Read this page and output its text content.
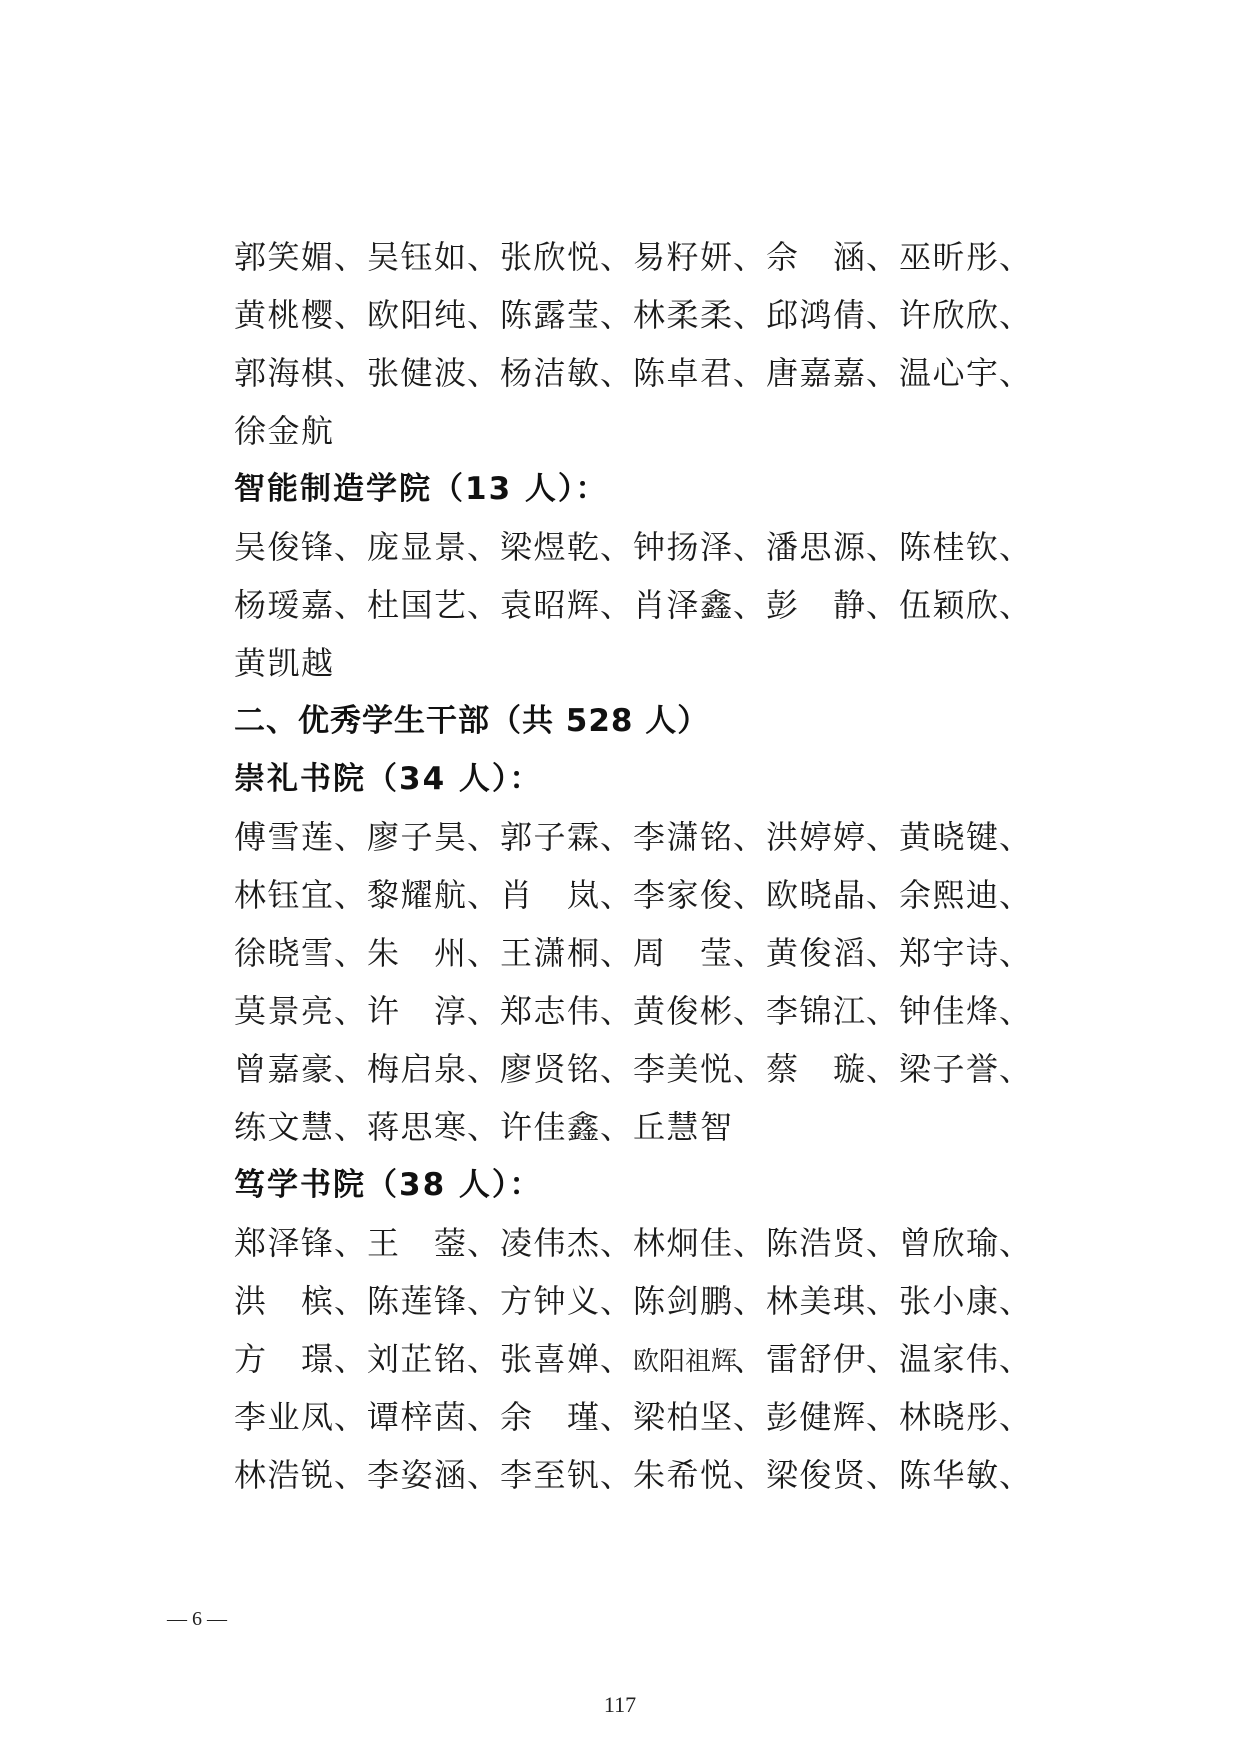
郭笑媚、吴钰如、张欣悦、易籽妍、佘　涵、巫昕彤、
黄桃樱、欧阳纯、陈露莹、林柔柔、邱鸿倩、许欣欣、
郭海棋、张健波、杨洁敏、陈卓君、唐嘉嘉、温心宇、
徐金航
智能制造学院（13 人）：
吴俊锋、庞显景、梁煜乾、钟扬泽、潘思源、陈桂钦、
杨瑷嘉、杜国艺、袁昭辉、肖泽鑫、彭　静、伍颖欣、
黄凯越
二、优秀学生干部（共 528 人）
崇礼书院（34 人）：
傅雪莲、廖子昊、郭子霖、李潇铭、洪婷婷、黄晓键、
林钰宜、黎耀航、肖　岚、李家俊、欧晓晶、余熙迪、
徐晓雪、朱　州、王潇桐、周　莹、黄俊滔、郑宇诗、
莫景亮、许　淳、郑志伟、黄俊彬、李锦江、钟佳烽、
曾嘉豪、梅启泉、廖贤铭、李美悦、蔡　璇、梁子誉、
练文慧、蒋思寒、许佳鑫、丘慧智
笃学书院（38 人）：
郑泽锋、王　蓥、凌伟杰、林炯佳、陈浩贤、曾欣瑜、
洪　槟、陈莲锋、方钟义、陈剑鹏、林美琪、张小康、
方　璟、刘芷铭、张喜婵、欧阳祖辉、雷舒伊、温家伟、
李业凤、谭梓茵、余　瑾、梁柏坚、彭健辉、林晓彤、
林浩锐、李姿涵、李至钒、朱希悦、梁俊贤、陈华敏、
— 6 —
117
